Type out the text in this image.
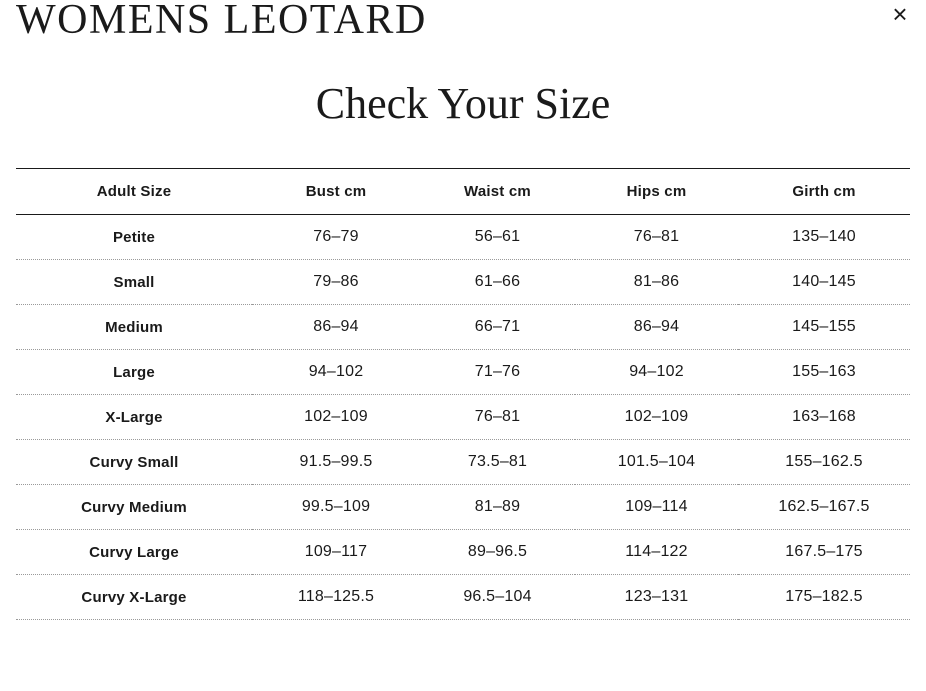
WOMENS LEOTARD	×
Check Your Size
Adult Size	Bust cm	Waist cm	Hips cm	Girth cm
Petite	76–79	56–61	76–81	135–140
Small	79–86	61–66	81–86	140–145
Medium	86–94	66–71	86–94	145–155
Large	94–102	71–76	94–102	155–163
X-Large	102–109	76–81	102–109	163–168
Curvy Small	91.5–99.5	73.5–81	101.5–104	155–162.5
Curvy Medium	99.5–109	81–89	109–114	162.5–167.5
Curvy Large	109–117	89–96.5	114–122	167.5–175
Curvy X-Large	118–125.5	96.5–104	123–131	175–182.5
